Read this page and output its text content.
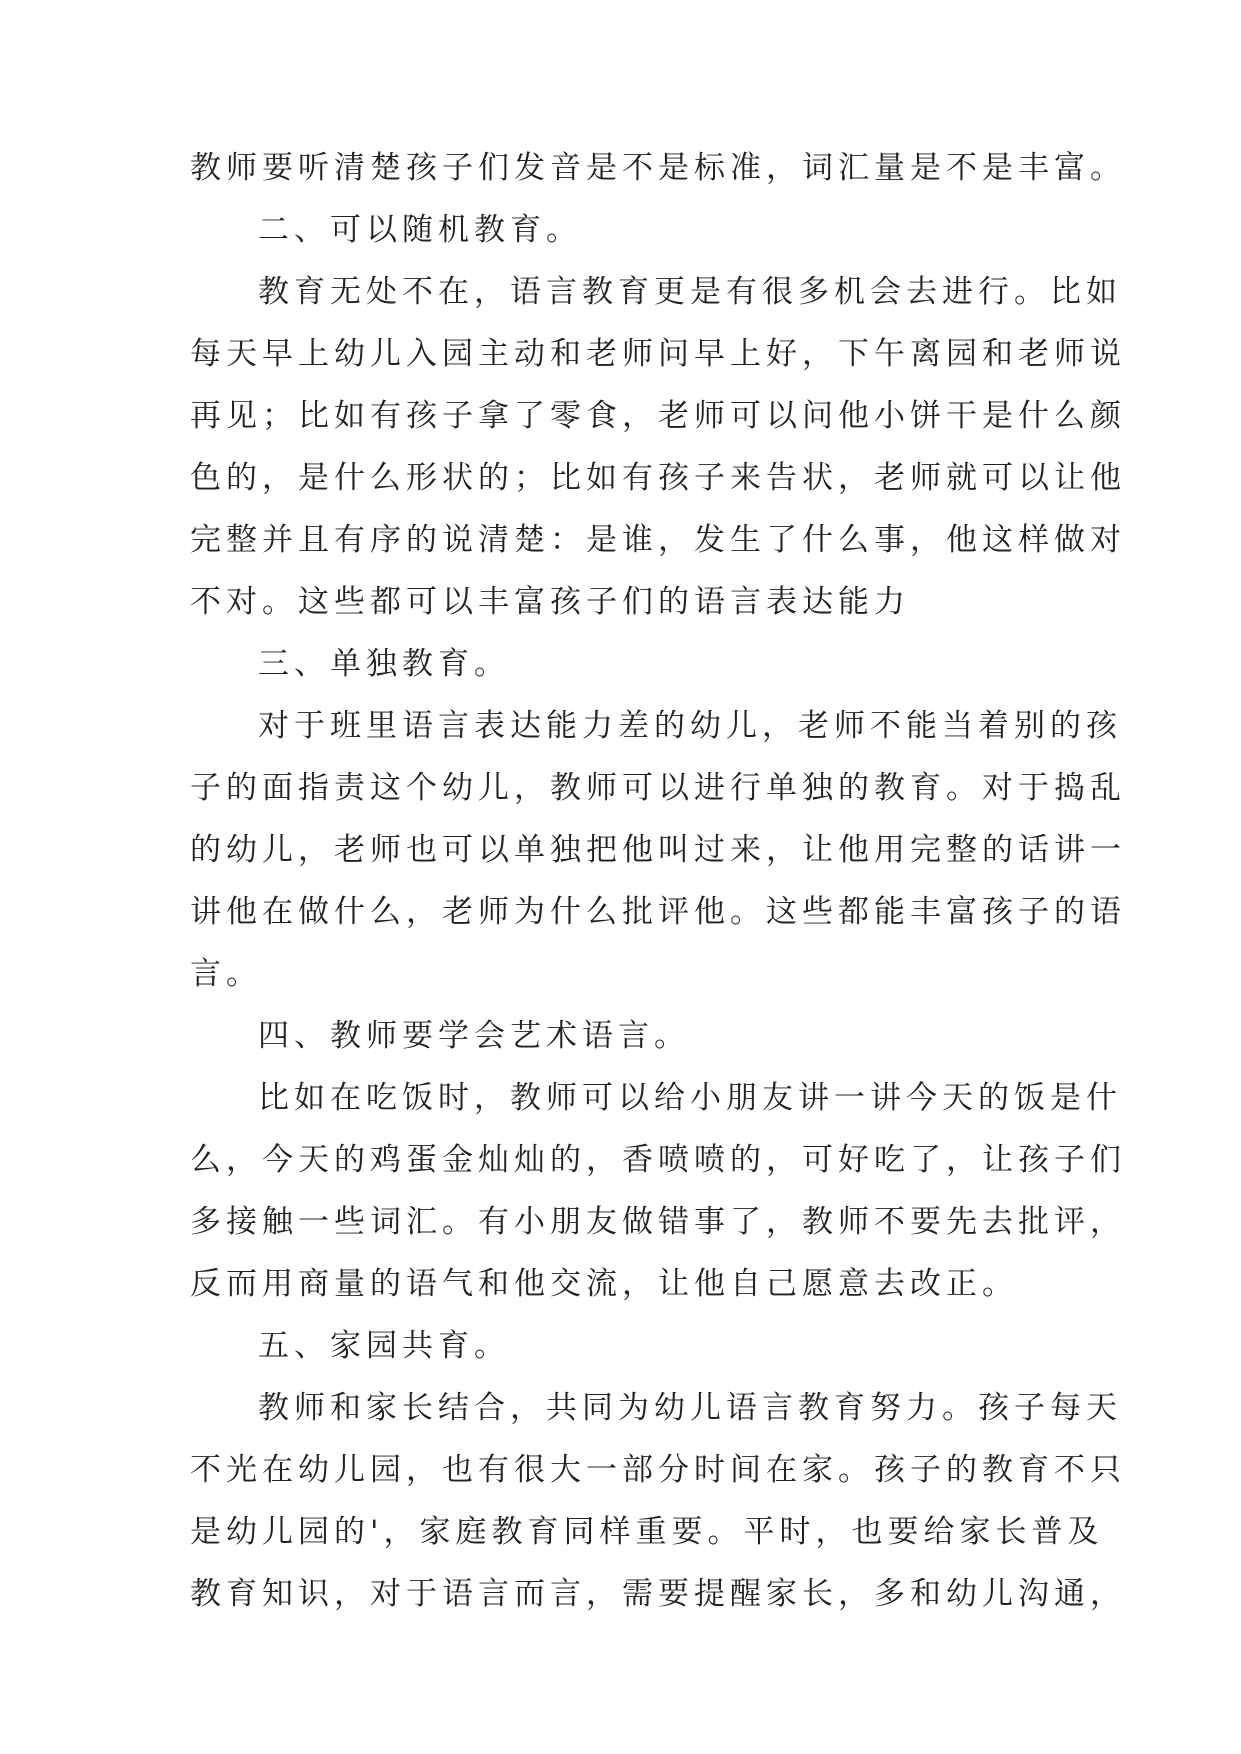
教师要听清楚孩子们发音是不是标准，词汇量是不是丰富。
二、可以随机教育。
教育无处不在，语言教育更是有很多机会去进行。比如
每天早上幼儿入园主动和老师问早上好，下午离园和老师说
再见；比如有孩子拿了零食，老师可以问他小饼干是什么颜
色的，是什么形状的；比如有孩子来告状，老师就可以让他
完整并且有序的说清楚：是谁，发生了什么事，他这样做对
不对。这些都可以丰富孩子们的语言表达能力
三、单独教育。
对于班里语言表达能力差的幼儿，老师不能当着别的孩
子的面指责这个幼儿，教师可以进行单独的教育。对于捣乱
的幼儿，老师也可以单独把他叫过来，让他用完整的话讲一
讲他在做什么，老师为什么批评他。这些都能丰富孩子的语
言。
四、教师要学会艺术语言。
比如在吃饭时，教师可以给小朋友讲一讲今天的饭是什
么，今天的鸡蛋金灿灿的，香喷喷的，可好吃了，让孩子们
多接触一些词汇。有小朋友做错事了，教师不要先去批评，
反而用商量的语气和他交流，让他自己愿意去改正。
五、家园共育。
教师和家长结合，共同为幼儿语言教育努力。孩子每天
不光在幼儿园，也有很大一部分时间在家。孩子的教育不只
是幼儿园的'，家庭教育同样重要。平时，也要给家长普及
教育知识，对于语言而言，需要提醒家长，多和幼儿沟通，
